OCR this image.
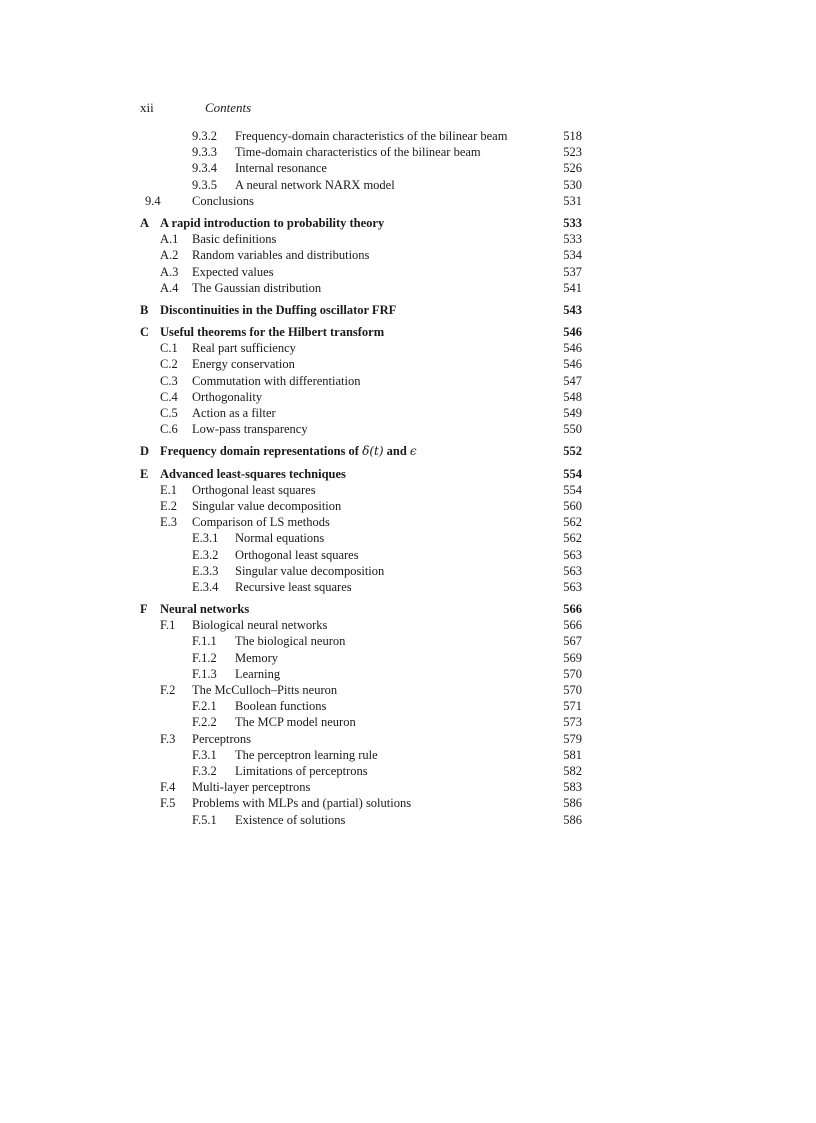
xii	Contents
9.3.2 Frequency-domain characteristics of the bilinear beam	518
9.3.3 Time-domain characteristics of the bilinear beam	523
9.3.4 Internal resonance	526
9.3.5 A neural network NARX model	530
9.4	Conclusions	531
A A rapid introduction to probability theory	533
A.1 Basic definitions	533
A.2 Random variables and distributions	534
A.3 Expected values	537
A.4 The Gaussian distribution	541
B Discontinuities in the Duffing oscillator FRF	543
C Useful theorems for the Hilbert transform	546
C.1 Real part sufficiency	546
C.2 Energy conservation	546
C.3 Commutation with differentiation	547
C.4 Orthogonality	548
C.5 Action as a filter	549
C.6 Low-pass transparency	550
D Frequency domain representations of δ(t) and ϵ	552
E Advanced least-squares techniques	554
E.1 Orthogonal least squares	554
E.2 Singular value decomposition	560
E.3 Comparison of LS methods	562
E.3.1 Normal equations	562
E.3.2 Orthogonal least squares	563
E.3.3 Singular value decomposition	563
E.3.4 Recursive least squares	563
F Neural networks	566
F.1 Biological neural networks	566
F.1.1 The biological neuron	567
F.1.2 Memory	569
F.1.3 Learning	570
F.2 The McCulloch–Pitts neuron	570
F.2.1 Boolean functions	571
F.2.2 The MCP model neuron	573
F.3 Perceptrons	579
F.3.1 The perceptron learning rule	581
F.3.2 Limitations of perceptrons	582
F.4 Multi-layer perceptrons	583
F.5 Problems with MLPs and (partial) solutions	586
F.5.1 Existence of solutions	586
